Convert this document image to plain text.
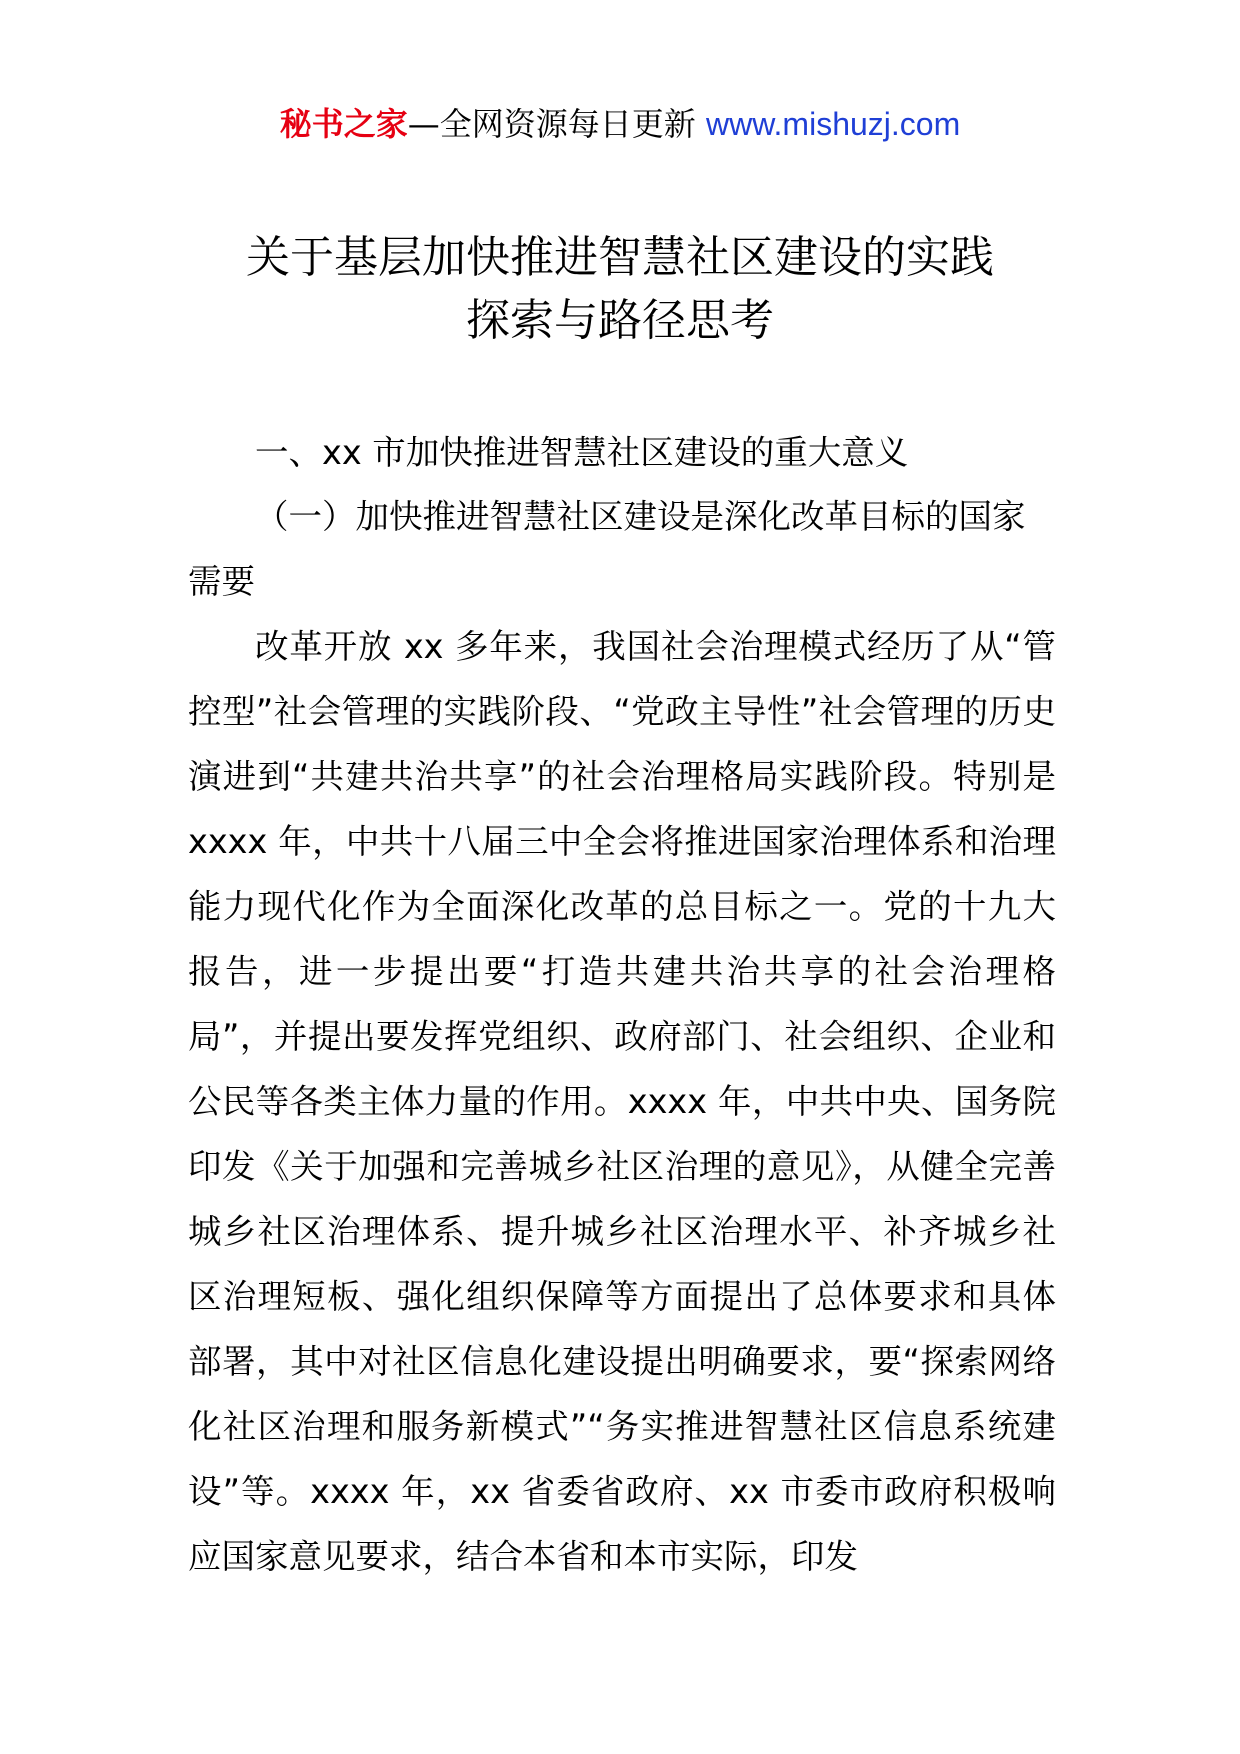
秘书之家—全网资源每日更新 www.mishuzj.com
关于基层加快推进智慧社区建设的实践
探索与路径思考
一、xx 市加快推进智慧社区建设的重大意义
（一）加快推进智慧社区建设是深化改革目标的国家需要
改革开放 xx 多年来，我国社会治理模式经历了从“管控型”社会管理的实践阶段、“党政主导性”社会管理的历史演进到“共建共治共享”的社会治理格局实践阶段。特别是 xxxx 年，中共十八届三中全会将推进国家治理体系和治理能力现代化作为全面深化改革的总目标之一。党的十九大报告，进一步提出要“打造共建共治共享的社会治理格局”，并提出要发挥党组织、政府部门、社会组织、企业和公民等各类主体力量的作用。xxxx 年，中共中央、国务院印发《关于加强和完善城乡社区治理的意见》，从健全完善城乡社区治理体系、提升城乡社区治理水平、补齐城乡社区治理短板、强化组织保障等方面提出了总体要求和具体部署，其中对社区信息化建设提出明确要求，要“探索网络化社区治理和服务新模式”“务实推进智慧社区信息系统建设”等。xxxx 年，xx 省委省政府、xx 市委市政府积极响应国家意见要求，结合本省和本市实际，印发
